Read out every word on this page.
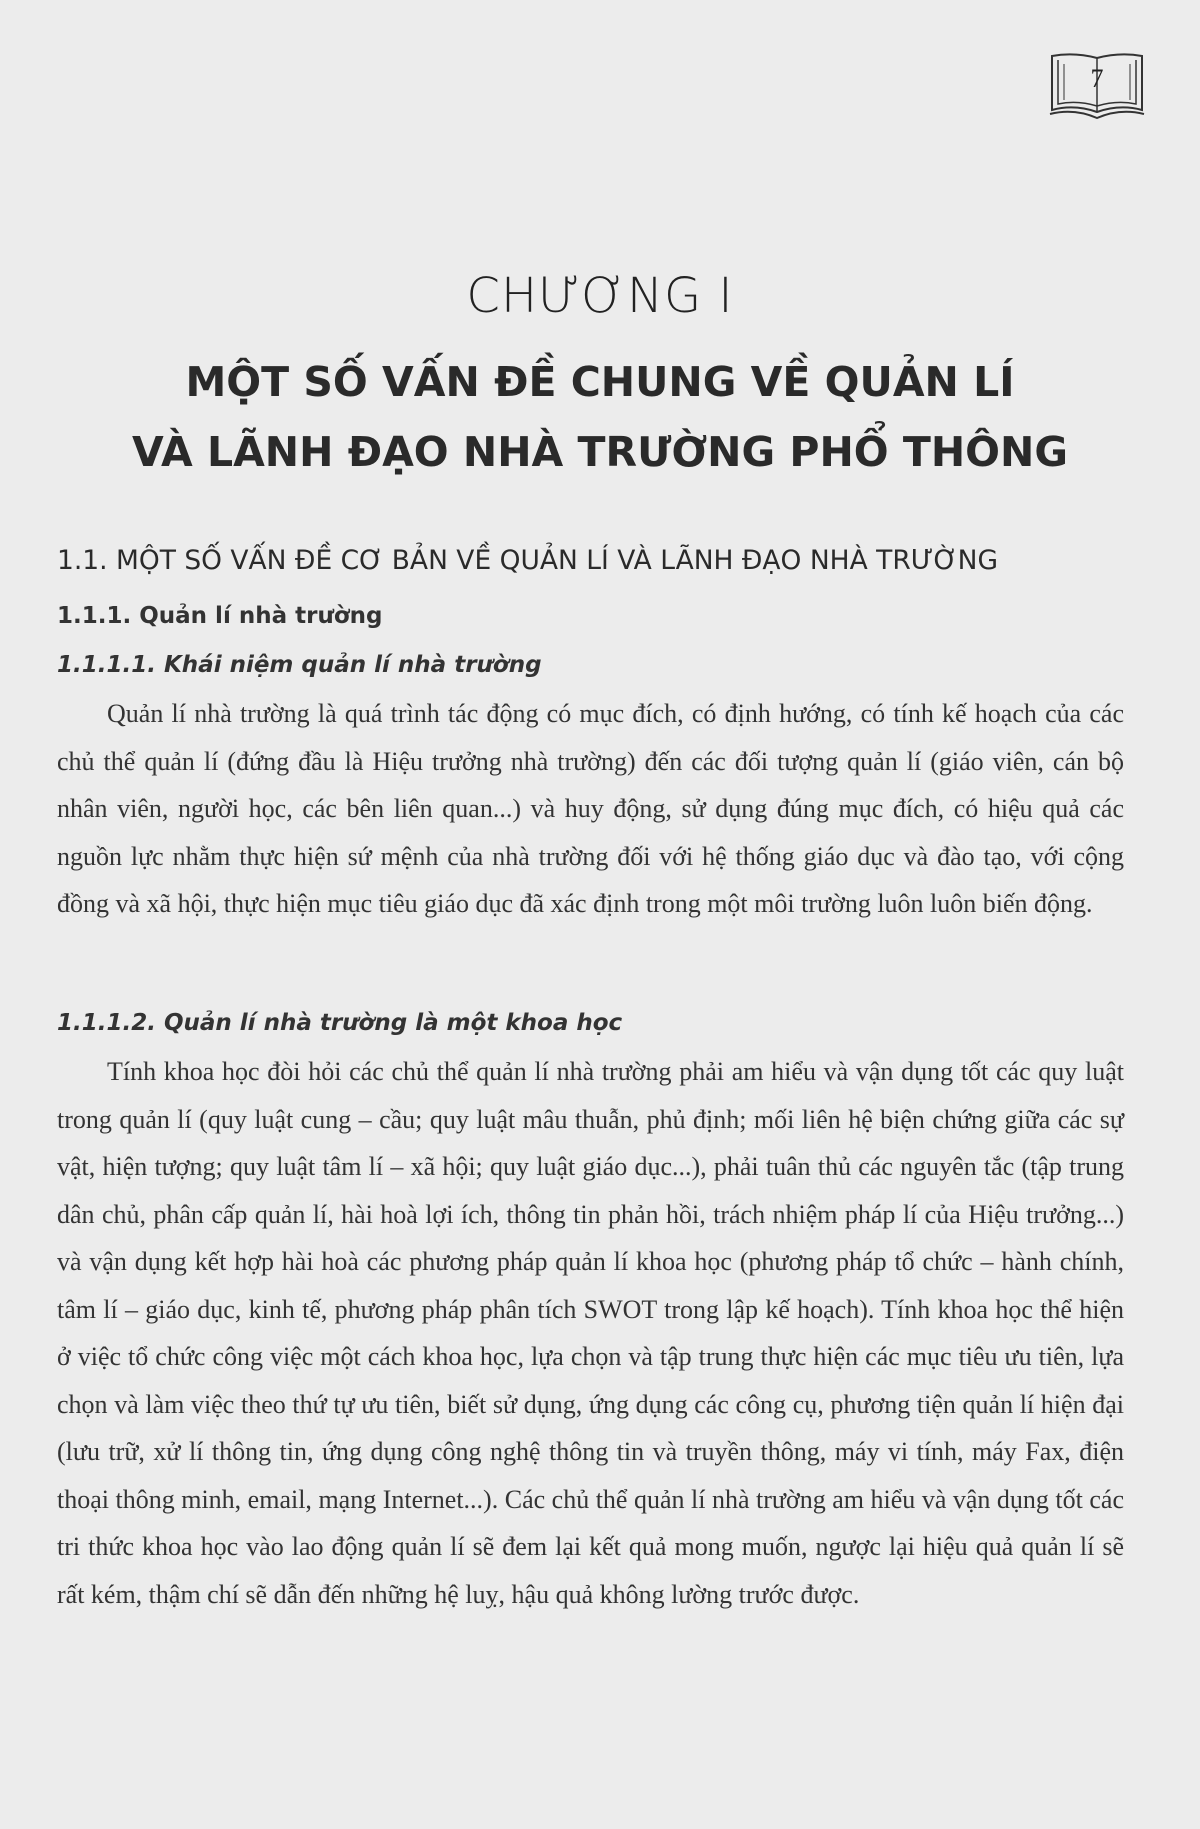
7
CHƯƠNG I
MỘT SỐ VẤN ĐỀ CHUNG VỀ QUẢN LÍ
VÀ LÃNH ĐẠO NHÀ TRƯỜNG PHỔ THÔNG
1.1. MỘT SỐ VẤN ĐỀ CƠ BẢN VỀ QUẢN LÍ VÀ LÃNH ĐẠO NHÀ TRƯỜNG
1.1.1. Quản lí nhà trường
1.1.1.1. Khái niệm quản lí nhà trường

Quản lí nhà trường là quá trình tác động có mục đích, có định hướng, có tính kế hoạch của các chủ thể quản lí (đứng đầu là Hiệu trưởng nhà trường) đến các đối tượng quản lí (giáo viên, cán bộ nhân viên, người học, các bên liên quan...) và huy động, sử dụng đúng mục đích, có hiệu quả các nguồn lực nhằm thực hiện sứ mệnh của nhà trường đối với hệ thống giáo dục và đào tạo, với cộng đồng và xã hội, thực hiện mục tiêu giáo dục đã xác định trong một môi trường luôn luôn biến động.

1.1.1.2. Quản lí nhà trường là một khoa học

Tính khoa học đòi hỏi các chủ thể quản lí nhà trường phải am hiểu và vận dụng tốt các quy luật trong quản lí (quy luật cung – cầu; quy luật mâu thuẫn, phủ định; mối liên hệ biện chứng giữa các sự vật, hiện tượng; quy luật tâm lí – xã hội; quy luật giáo dục...), phải tuân thủ các nguyên tắc (tập trung dân chủ, phân cấp quản lí, hài hoà lợi ích, thông tin phản hồi, trách nhiệm pháp lí của Hiệu trưởng...) và vận dụng kết hợp hài hoà các phương pháp quản lí khoa học (phương pháp tổ chức – hành chính, tâm lí – giáo dục, kinh tế, phương pháp phân tích SWOT trong lập kế hoạch). Tính khoa học thể hiện ở việc tổ chức công việc một cách khoa học, lựa chọn và tập trung thực hiện các mục tiêu ưu tiên, lựa chọn và làm việc theo thứ tự ưu tiên, biết sử dụng, ứng dụng các công cụ, phương tiện quản lí hiện đại (lưu trữ, xử lí thông tin, ứng dụng công nghệ thông tin và truyền thông, máy vi tính, máy Fax, điện thoại thông minh, email, mạng Internet...). Các chủ thể quản lí nhà trường am hiểu và vận dụng tốt các tri thức khoa học vào lao động quản lí sẽ đem lại kết quả mong muốn, ngược lại hiệu quả quản lí sẽ rất kém, thậm chí sẽ dẫn đến những hệ luỵ, hậu quả không lường trước được.
